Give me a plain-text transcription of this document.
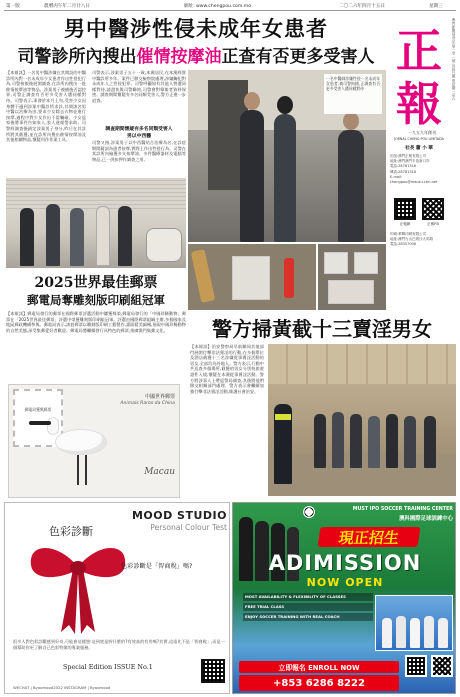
第一版	農曆丙午年二月廿八日	網址: www.chengpou.com.mo	二〇二六年四月十五日	星期三
澳門新聞局登記 第一零一號 出版日期 逢星期一至六
正
報
一九五九年創刊
JORNAL CHENG POU LIMITADA
社長 蕭 小 華
出版:澳門正報有限公司
地址:澳門澳門半島新口岸
電話:28781316
傳真:28781318
E-mail: chengpou@macau.ctm.net
正報網	正報FB
印刷:華輝印刷有限公司
地址:澳門台山巴坡沙大馬路
電話:28357006
男中醫涉性侵未成年女患者
司警診所內搜出 催情按摩油 正查有否更多受害人
【本報訊】一名男中醫涉嫌在其開設的中醫診所內對一名未成年少女患者作出性侵犯行為,司警接報後展開調查,在診所內搜出一批催情按摩油等物品。涉案男子被捕後否認控罪,司警正調查有否更多受害人遭同樣對待。司警表示,事發於本月上旬,受害少女因身體不適到涉案中醫診所求診,其間該名男中醫以治療為由,要求少女除去衣物並進行按摩,過程中對少女作出不當觸碰。少女返家後將事件告知家人,家人遂報警求助。司警經調查後鎖定涉案男子身分,昨日在其診所將其截獲,並在診所內搜出催情按摩油及其他相關物品,懷疑用作作案工具。
一名中醫師涉嫌性侵一名未成年女患者,被司警拘捕,正調查有否更多受害人遭同樣對待
司警表示,涉案男子五十一歲,本澳居民,在本澳經營中醫診所多年。案件已移交檢察院處理,涉嫌觸犯對未成年人之性侵犯罪。司警呼籲如有其他人曾遭同樣對待,請盡快與司警聯絡,司警會對舉報者資料保密。調查期間懷疑有多名同類受害人,警方正進一步追查。
調查期間懷疑有多名同類受害人
男以中西醫
司警又指,涉案男子以中西醫結合治療為名,在診症期間藉詞為患者按摩,實際上作出性侵行為。司警在其診所內檢獲多支按摩油、多件醫療器材及電腦等物品,已一併扣押作調查之用。
2025世界最佳郵票
郵電局奪雕刻版印刷組冠軍
【本報訊】郵電局發行的郵票在國際郵票評選活動中屢獲殊榮,郵電局發行的「中國珍稀動物」郵票在「2025世界最佳郵票」評選中榮獲雕刻版印刷組冠軍。評選由國際郵票組織主辦,多個國家及地區郵政機構參與。郵電局表示,該套郵票以雕刻版印刷工藝製作,畫面精美細緻,展現中國珍稀動物的自然美態,深受集郵愛好者歡迎。郵電局將繼續發行具特色的郵票,推廣澳門集郵文化。
郵電局獲獎郵票
中國世界郵票
Animais Raros da China
Macau
警方掃黃截十三賣淫男女
【本報訊】治安警察局早前聯同其他部門展開打擊非法賣淫的行動,在多個單位及酒店截獲十三名涉嫌從事賣淫活動的男女,全部均為外地人。警方表示,行動中共巡查多個場所,截獲的男女分別持旅遊證件入境,懷疑在本澳從事賣淫活動。警方將涉事人士帶返警局調查,其後將他們移交相關部門處理。警方表示會繼續加強打擊非法賣淫活動,維護社會治安。
MOOD STUDIO
Personal Colour Test
色彩診斷
色彩診斷是「智商稅」嗎?
很多人對色彩診斷感到好奇,可能會這樣想:這到底是幹什麼的?有效真的有用嗎?其實,這遠比不是「智商稅」,而是一個幫助你更了解自己色彩特徵的專業服務。
Special Edition ISSUE No.1
WECHAT | Byoomood2022 INSTAGRAM | Byoomood
MUST IPO SOCCER TRAINING CENTER
澳科國際足球訓練中心
現正招生
ADIMISSION
NOW OPEN
MOST AVAILABILITY & FLEXIBILITY OF CLASSES
FREE TRIAL CLASS
ENJOY SOCCER TRAINING WITH REAL COACH
立即報名 ENROLL NOW
+853 6286 8222
